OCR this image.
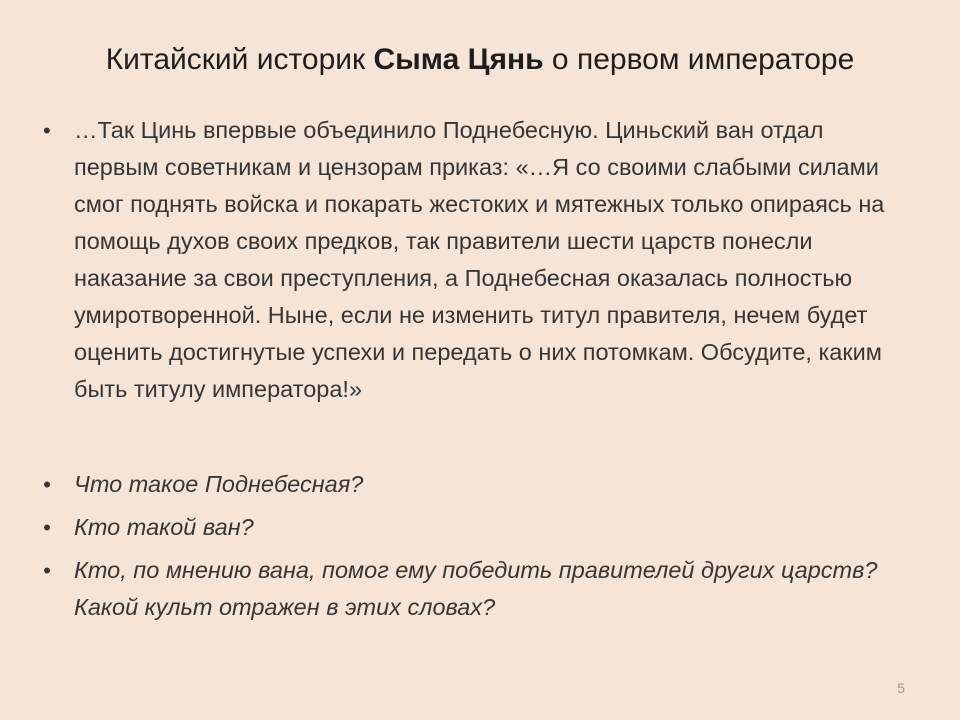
Китайский историк Сыма Цянь о первом императоре
• …Так Цинь впервые объединило Поднебесную. Циньский ван отдал первым советникам и цензорам приказ: «…Я со своими слабыми силами смог поднять войска и покарать жестоких и мятежных только опираясь на помощь духов своих предков, так правители шести царств понесли наказание за свои преступления, а Поднебесная оказалась полностью умиротворенной. Ныне, если не изменить титул правителя, нечем будет оценить достигнутые успехи и передать о них потомкам. Обсудите, каким быть титулу императора!»
• Что такое Поднебесная?
• Кто такой ван?
• Кто, по мнению вана, помог ему победить правителей других царств? Какой культ отражен в этих словах?
5
